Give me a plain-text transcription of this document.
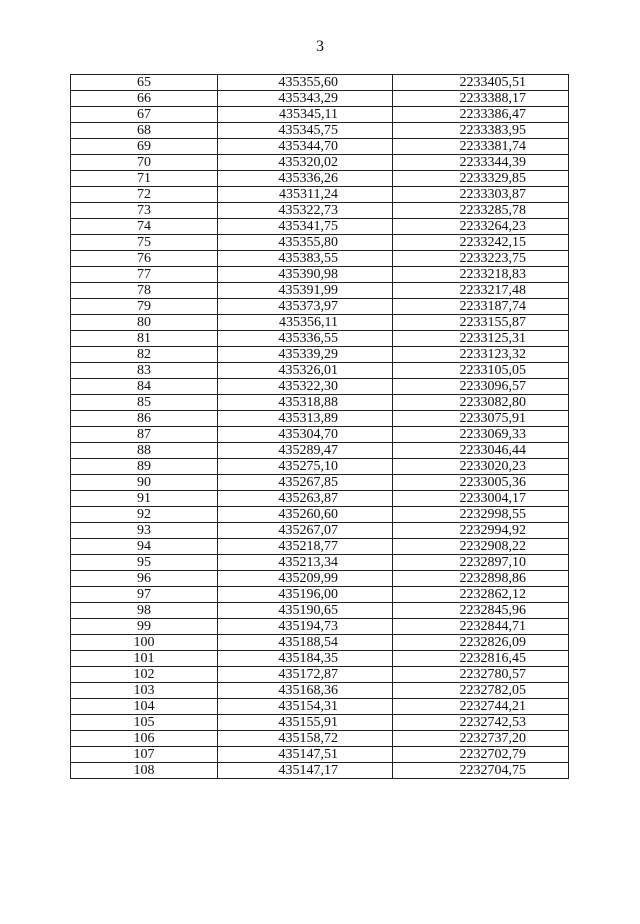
3
65	435355,60	2233405,51
66	435343,29	2233388,17
67	435345,11	2233386,47
68	435345,75	2233383,95
69	435344,70	2233381,74
70	435320,02	2233344,39
71	435336,26	2233329,85
72	435311,24	2233303,87
73	435322,73	2233285,78
74	435341,75	2233264,23
75	435355,80	2233242,15
76	435383,55	2233223,75
77	435390,98	2233218,83
78	435391,99	2233217,48
79	435373,97	2233187,74
80	435356,11	2233155,87
81	435336,55	2233125,31
82	435339,29	2233123,32
83	435326,01	2233105,05
84	435322,30	2233096,57
85	435318,88	2233082,80
86	435313,89	2233075,91
87	435304,70	2233069,33
88	435289,47	2233046,44
89	435275,10	2233020,23
90	435267,85	2233005,36
91	435263,87	2233004,17
92	435260,60	2232998,55
93	435267,07	2232994,92
94	435218,77	2232908,22
95	435213,34	2232897,10
96	435209,99	2232898,86
97	435196,00	2232862,12
98	435190,65	2232845,96
99	435194,73	2232844,71
100	435188,54	2232826,09
101	435184,35	2232816,45
102	435172,87	2232780,57
103	435168,36	2232782,05
104	435154,31	2232744,21
105	435155,91	2232742,53
106	435158,72	2232737,20
107	435147,51	2232702,79
108	435147,17	2232704,75
